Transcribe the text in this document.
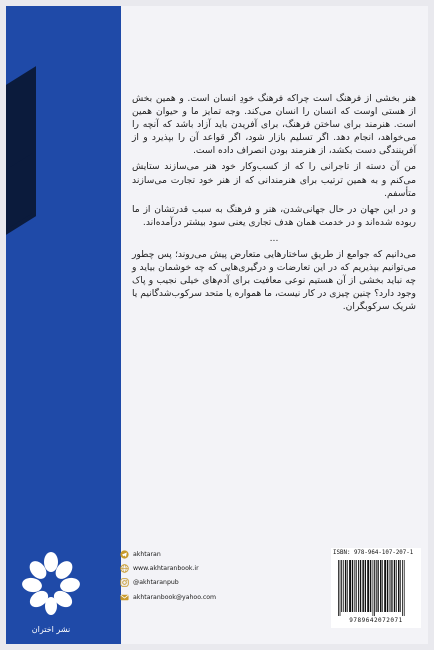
هنر بخشی از فرهنگ است چراکه فرهنگ خودِ انسان است. و همین بخش از هستی اوست که انسان را انسان می‌کند. وجه تمایز ما و حیوان همین است. هنرمند برای ساختن فرهنگ، برای آفریدن باید آزاد باشد که آنچه را می‌خواهد، انجام دهد. اگر تسلیم بازار شود، اگر قواعد آن را بپذیرد و از آفرینندگی دست بکشد، از هنرمند بودن انصراف داده است.

من آن دسته از تاجرانی را که از کسب‌وکار خود هنر می‌سازند ستایش می‌کنم و به همین ترتیب برای هنرمندانی که از هنر خود تجارت می‌سازند متأسفم.

و در این جهان در حال جهانی‌شدن، هنر و فرهنگ به سبب قدرتشان از ما ربوده شده‌اند و در خدمت همان هدف تجاری یعنی سود بیشتر درآمده‌اند.

...

می‌دانیم که جوامع از طریق ساختارهایی متعارض پیش می‌روند؛ پس چطور می‌توانیم بپذیریم که در این تعارضات و درگیری‌هایی که چه خوشمان بیاید و چه نباید بخشی از آن هستیم نوعی معافیت برای آدم‌های خیلی نجیب و پاک وجود دارد؟ چنین چیزی در کار نیست، ما همواره یا متحد سرکوب‌شدگانیم یا شریک سرکوبگران.

نشر اختران
akhtaran
www.akhtaranbook.ir
@akhtaranpub
akhtaranbook@yahoo.com
ISBN: 978-964-107-207-1
9789642072071
